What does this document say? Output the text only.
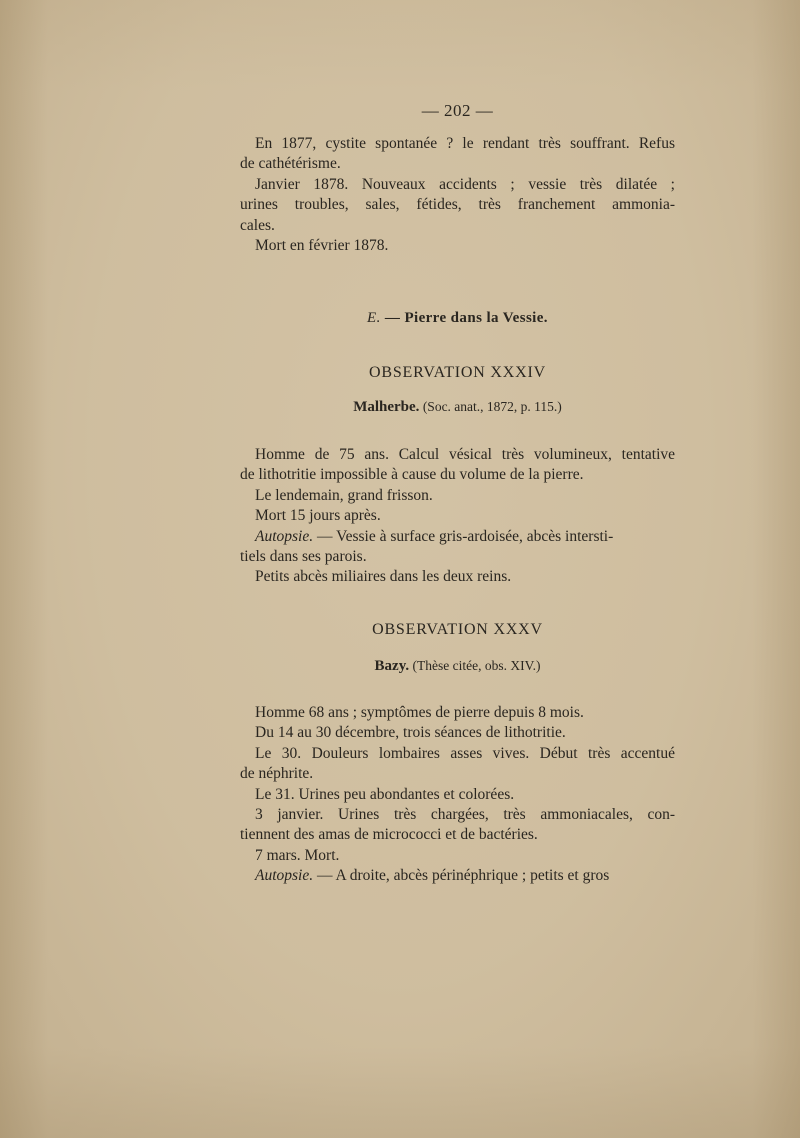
— 202 —
En 1877, cystite spontanée ? le rendant très souffrant. Refus
de cathétérisme.
Janvier 1878. Nouveaux accidents ; vessie très dilatée ;
urines troubles, sales, fétides, très franchement ammonia-
cales.
Mort en février 1878.
E. — Pierre dans la Vessie.
OBSERVATION XXXIV
Malherbe. (Soc. anat., 1872, p. 115.)
Homme de 75 ans. Calcul vésical très volumineux, tentative
de lithotritie impossible à cause du volume de la pierre.
Le lendemain, grand frisson.
Mort 15 jours après.
Autopsie. — Vessie à surface gris-ardoisée, abcès intersti-
tiels dans ses parois.
Petits abcès miliaires dans les deux reins.
OBSERVATION XXXV
Bazy. (Thèse citée, obs. XIV.)
Homme 68 ans ; symptômes de pierre depuis 8 mois.
Du 14 au 30 décembre, trois séances de lithotritie.
Le 30. Douleurs lombaires asses vives. Début très accentué
de néphrite.
Le 31. Urines peu abondantes et colorées.
3 janvier. Urines très chargées, très ammoniacales, con-
tiennent des amas de micrococci et de bactéries.
7 mars. Mort.
Autopsie. — A droite, abcès périnéphrique ; petits et gros
